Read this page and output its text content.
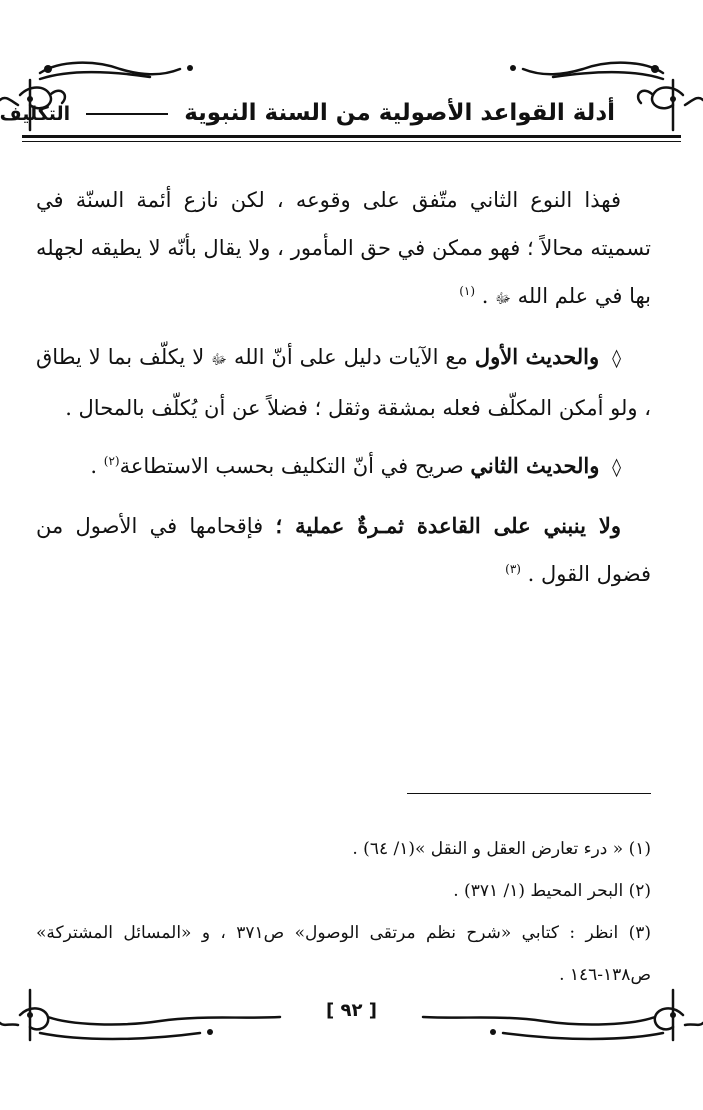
أدلة القواعد الأصولية من السنة النبوية  التكليف

فهذا النوع الثاني متّفق على وقوعه ، لكن نازع أئمة السنّة في تسميته محالاً ؛ فهو ممكن في حق المأمور ، ولا يقال بأنّه لا يطيقه لجهله بها في علم الله ﷻ . $^{(١)}$

◊ والحديث الأول مع الآيات دليل على أنّ الله ﷻ لا يكلّف بما لا يطاق ، ولو أمكن المكلّف فعله بمشقة وثقل ؛ فضلاً عن أن يُكلّف بالمحال .

◊ والحديث الثاني صريح في أنّ التكليف بحسب الاستطاعة$^{(٢)}$ .

ولا ينبني على القاعدة ثمـرةٌ عملية ؛ فإقحامها في الأصول من فضول القول . $^{(٣)}$

(١) « درء تعارض العقل و النقل »(١/ ٦٤) .

(٢) البحر المحيط (١/ ٣٧١) .

(٣) انظر : كتابي «شرح نظم مرتقى الوصول» ص٣٧١ ، و «المسائل المشتركة» ص١٣٨-١٤٦ .

[ ٩٢ ]
